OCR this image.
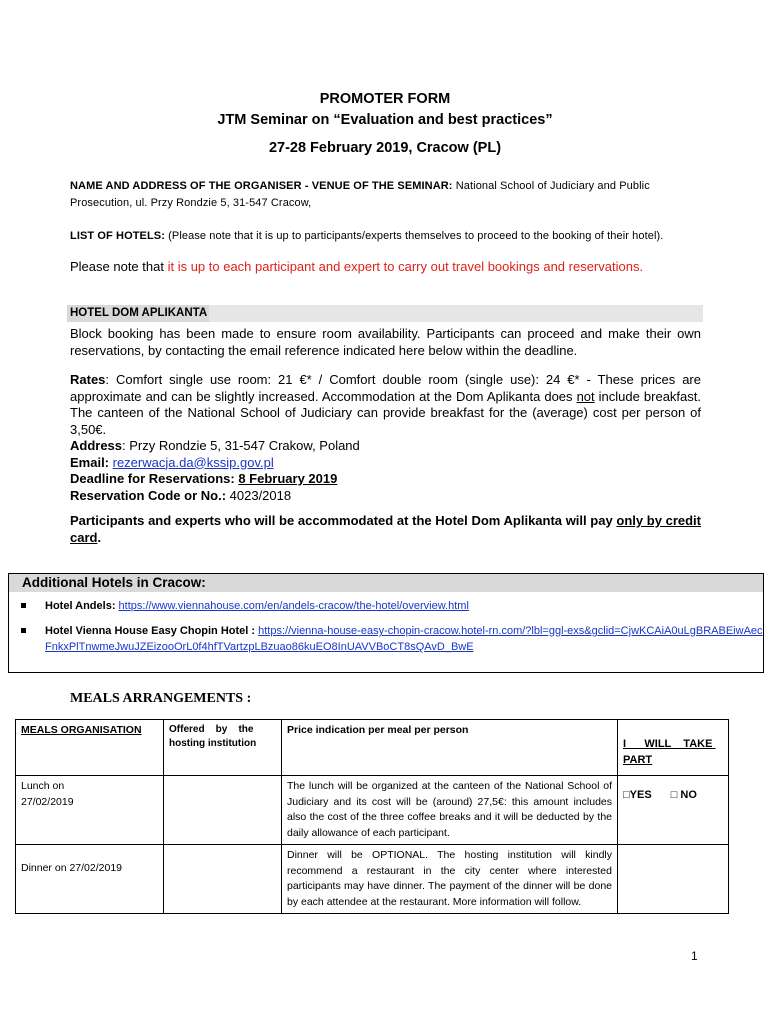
PROMOTER FORM
JTM Seminar on “Evaluation and best practices”
27-28 February 2019, Cracow (PL)
NAME AND ADDRESS OF THE ORGANISER - VENUE OF THE SEMINAR: National School of Judiciary and Public Prosecution, ul. Przy Rondzie 5, 31-547 Cracow,
LIST OF HOTELS: (Please note that it is up to participants/experts themselves to proceed to the booking of their hotel).
Please note that it is up to each participant and expert to carry out travel bookings and reservations.
HOTEL DOM APLIKANTA
Block booking has been made to ensure room availability. Participants can proceed and make their own reservations, by contacting the email reference indicated here below within the deadline.
Rates: Comfort single use room: 21 €* / Comfort double room (single use): 24 €* - These prices are approximate and can be slightly increased. Accommodation at the Dom Aplikanta does not include breakfast. The canteen of the National School of Judiciary can provide breakfast for the (average) cost per person of 3,50€.
Address: Przy Rondzie 5, 31-547 Crakow, Poland
Email: rezerwacja.da@kssip.gov.pl
Deadline for Reservations: 8 February 2019
Reservation Code or No.: 4023/2018
Participants and experts who will be accommodated at the Hotel Dom Aplikanta will pay only by credit card.
Additional Hotels in Cracow:
Hotel Andels: https://www.viennahouse.com/en/andels-cracow/the-hotel/overview.html
Hotel Vienna House Easy Chopin Hotel : https://vienna-house-easy-chopin-cracow.hotel-rn.com/?lbl=ggl-exs&gclid=CjwKCAiA0uLgBRABEiwAecFnkxPlTnwmeJwuJZEizooOrL0f4hfTVartzpLBzuao86kuEO8InUAVVBoCT8sQAvD_BwE
MEALS ARRANGEMENTS :
MEALS ORGANISATION	Offered    by    the hosting institution	Price indication per meal per person	I      WILL    TAKE PART

Lunch on 27/02/2019		The lunch will be organized at the canteen of the National School of Judiciary and its cost will be (around) 27,5€: this amount includes also the cost of the three coffee breaks and it will be deducted by the daily allowance of each participant.	□YES □ NO
Dinner on 27/02/2019		Dinner will be OPTIONAL. The hosting institution will kindly recommend a restaurant in the city center where interested participants may have dinner. The payment of the dinner will be done by each attendee at the restaurant. More information will follow.	
1
